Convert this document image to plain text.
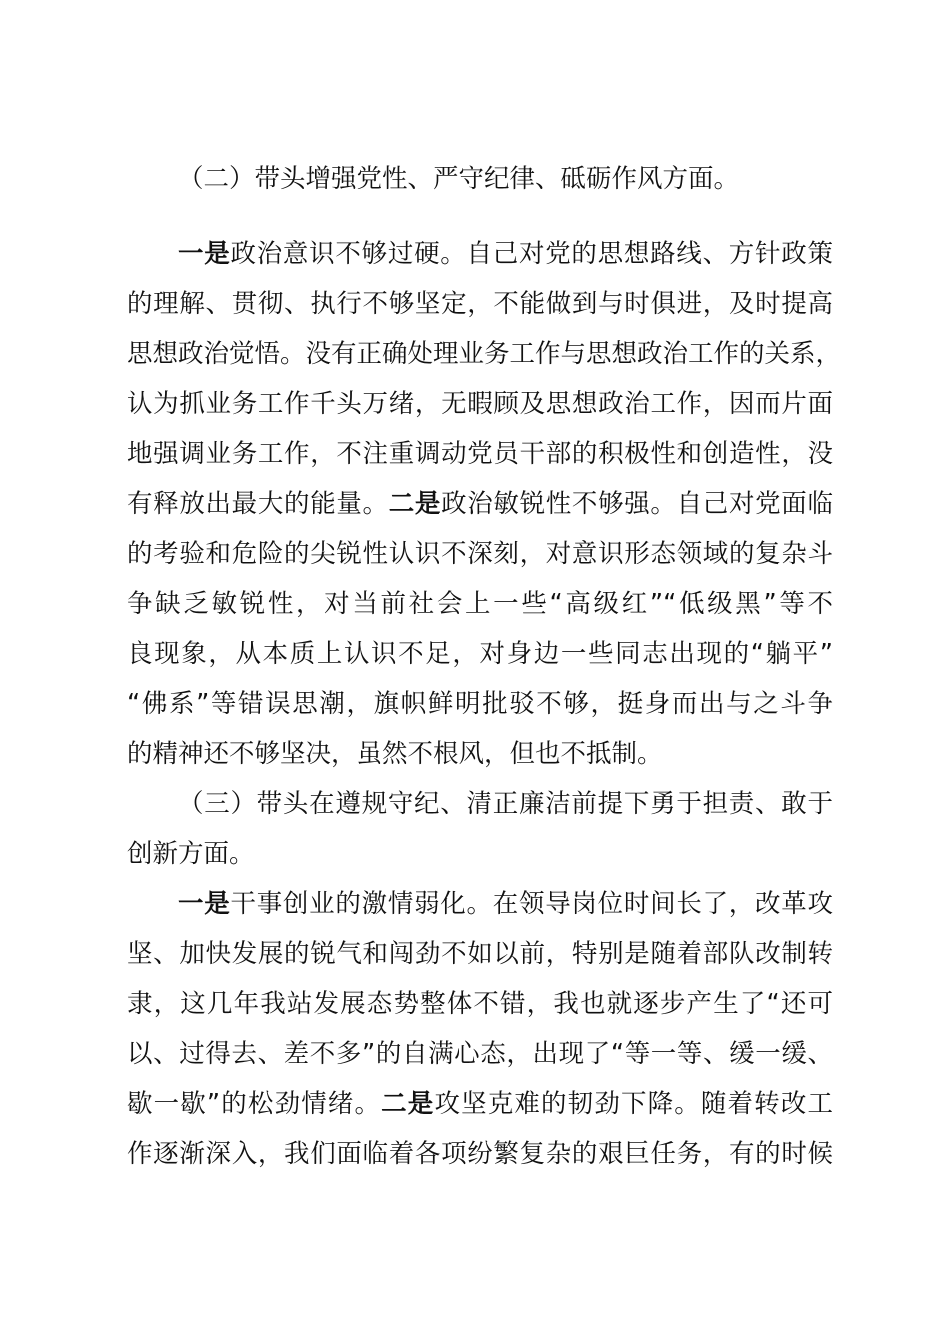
（二）带头增强党性、严守纪律、砥砺作风方面。
一是政治意识不够过硬。自己对党的思想路线、方针政策
的理解、贯彻、执行不够坚定，不能做到与时俱进，及时提高
思想政治觉悟。没有正确处理业务工作与思想政治工作的关系，
认为抓业务工作千头万绪，无暇顾及思想政治工作，因而片面
地强调业务工作，不注重调动党员干部的积极性和创造性，没
有释放出最大的能量。二是政治敏锐性不够强。自己对党面临
的考验和危险的尖锐性认识不深刻，对意识形态领域的复杂斗
争缺乏敏锐性，对当前社会上一些“高级红”“低级黑”等不
良现象，从本质上认识不足，对身边一些同志出现的“躺平”
“佛系”等错误思潮，旗帜鲜明批驳不够，挺身而出与之斗争
的精神还不够坚决，虽然不根风，但也不抵制。
（三）带头在遵规守纪、清正廉洁前提下勇于担责、敢于
创新方面。
一是干事创业的激情弱化。在领导岗位时间长了，改革攻
坚、加快发展的锐气和闯劲不如以前，特别是随着部队改制转
隶，这几年我站发展态势整体不错，我也就逐步产生了“还可
以、过得去、差不多”的自满心态，出现了“等一等、缓一缓、
歇一歇”的松劲情绪。二是攻坚克难的韧劲下降。随着转改工
作逐渐深入，我们面临着各项纷繁复杂的艰巨任务，有的时候
